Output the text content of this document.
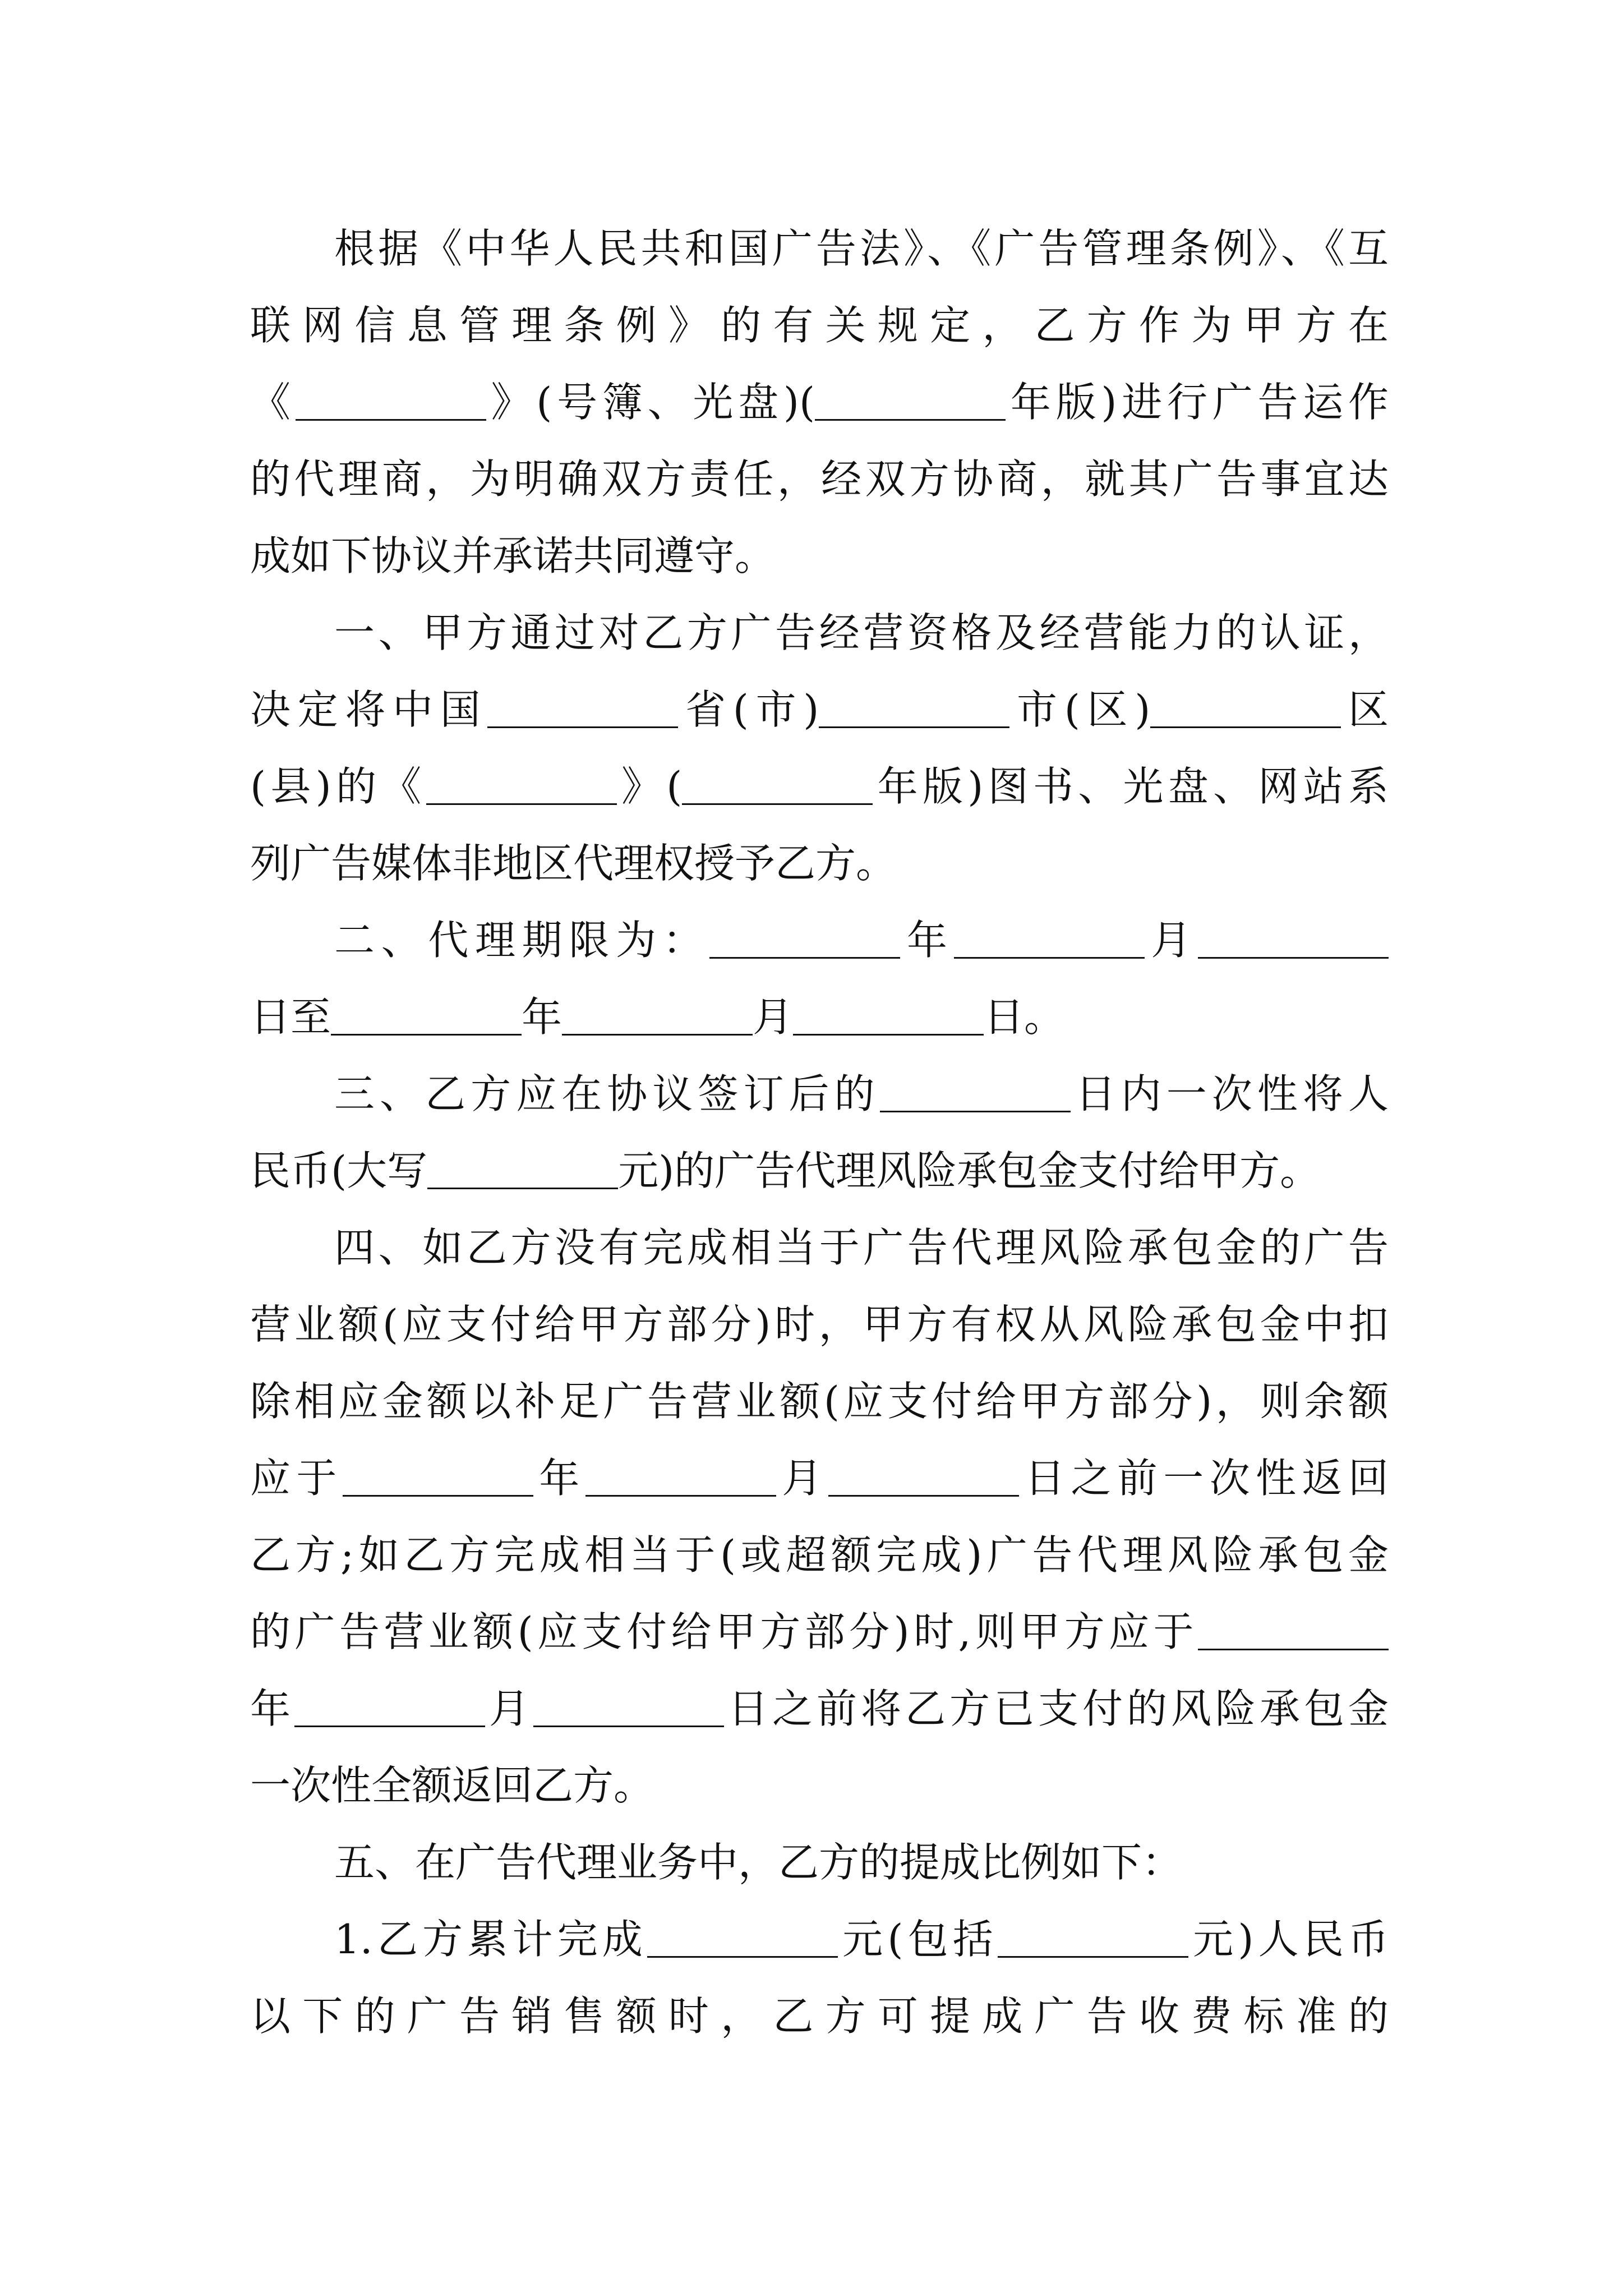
根据《中华人民共和国广告法》、《广告管理条例》、《互
联网信息管理条例》的有关规定，乙方作为甲方在
《	》(号簿、光盘)(	年版)进行广告运作
的代理商，为明确双方责任，经双方协商，就其广告事宜达
成如下协议并承诺共同遵守。
一、甲方通过对乙方广告经营资格及经营能力的认证，
决定将中国	省(市)	市(区)	区
(县)的《	》(	年版)图书、光盘、网站系
列广告媒体非地区代理权授予乙方。
二、代理期限为：	年	月
日至	年	月	日。
三、乙方应在协议签订后的	日内一次性将人
民币(大写	元)的广告代理风险承包金支付给甲方。
四、如乙方没有完成相当于广告代理风险承包金的广告
营业额(应支付给甲方部分)时，甲方有权从风险承包金中扣
除相应金额以补足广告营业额(应支付给甲方部分)，则余额
应于	年	月	日之前一次性返回
乙方;如乙方完成相当于(或超额完成)广告代理风险承包金
的广告营业额(应支付给甲方部分)时,则甲方应于
年	月	日之前将乙方已支付的风险承包金
一次性全额返回乙方。
五、在广告代理业务中，乙方的提成比例如下：
1.乙方累计完成	元(包括	元)人民币
以下的广告销售额时，乙方可提成广告收费标准的
